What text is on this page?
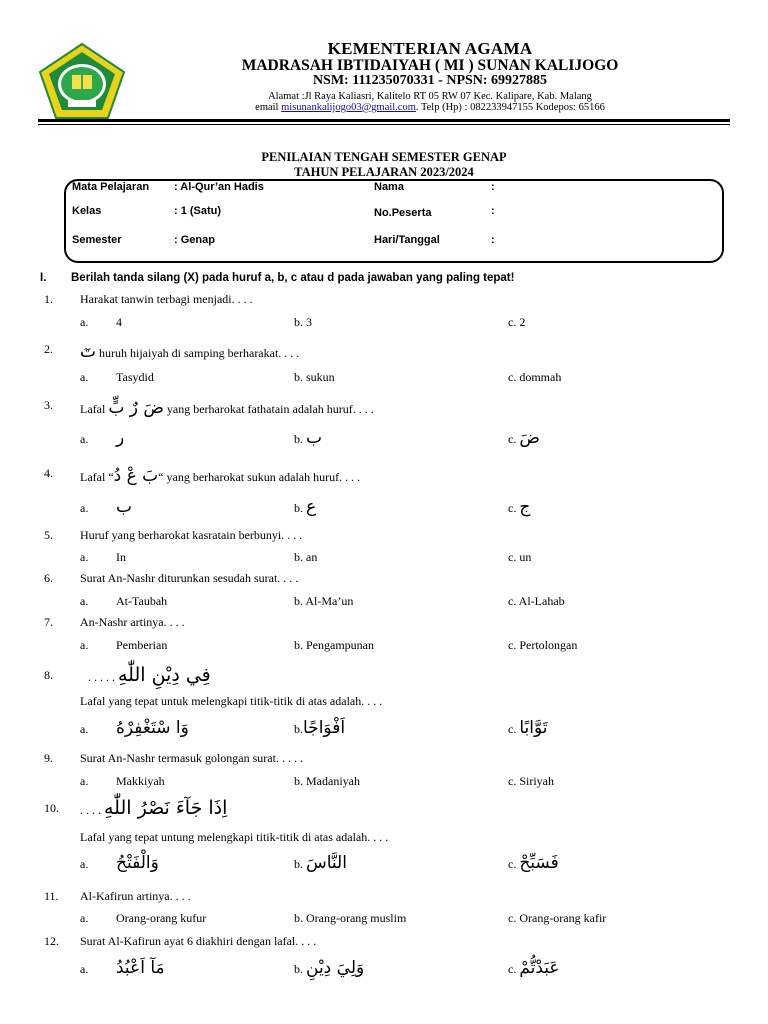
KEMENTERIAN AGAMA
MADRASAH IBTIDAIYAH ( MI ) SUNAN KALIJOGO
NSM: 111235070331 - NPSN: 69927885
Alamat :Jl Raya Kaliasri, Kalitelo RT 05 RW 07 Kec. Kalipare, Kab. Malang
email misunankalijogo03@gmail.com. Telp (Hp) : 082233947155 Kodepos: 65166
PENILAIAN TENGAH SEMESTER GENAP
TAHUN PELAJARAN 2023/2024
Mata Pelajaran : Al-Qur’an Hadis	Nama	:
Kelas	: 1 (Satu)	No.Peserta	:
Semester	: Genap	Hari/Tanggal	:
I. Berilah tanda silang (X) pada huruf a, b, c atau d pada jawaban yang paling tepat!
1. Harakat tanwin terbagi menjadi. . . .
a. 4	b. 3	c. 2
2. تٓ huruh hijaiyah di samping berharakat. . . .
a. Tasydid	b. sukun	c. dommah
3. Lafal ضَ رٌ بٍّ yang berharokat fathatain adalah huruf. . . .
a. ر	b. ب	c. ضَ
4. Lafal “بَ عْ دُ“ yang berharokat sukun adalah huruf. . . .
a. ب	b. ع	c. ج
5. Huruf yang berharokat kasratain berbunyi. . . .
a. In	b. an	c. un
6. Surat An-Nashr diturunkan sesudah surat. . . .
a. At-Taubah	b. Al-Ma’un	c. Al-Lahab
7. An-Nashr artinya. . . .
a. Pemberian	b. Pengampunan	c. Pertolongan
8.	. . . . . فِي دِيْنِ اللّٰهِ
Lafal yang tepat untuk melengkapi titik-titik di atas adalah. . . .
a. وَا سْتَغْفِرْهُ	b.اَفْوَاجًا	c. تَوَّابًا
9. Surat An-Nashr termasuk golongan surat. . . . .
a. Makkiyah	b. Madaniyah	c. Siriyah
10. . . . . اِذَا جَآءَ نَصْرُ اللّٰهِ
Lafal yang tepat untung melengkapi titik-titik di atas adalah. . . .
a. وَالْفَتْحُ	b. النَّاسَ	c. فَسَبِّحْ
11. Al-Kafirun artinya. . . .
a. Orang-orang kufur	b. Orang-orang muslim	c. Orang-orang kafir
12. Surat Al-Kafirun ayat 6 diakhiri dengan lafal. . . .
a. مَآ اَعْبُدُ	b. وَلِيَ دِيْنِ	c. عَبَدْتُّمْ
